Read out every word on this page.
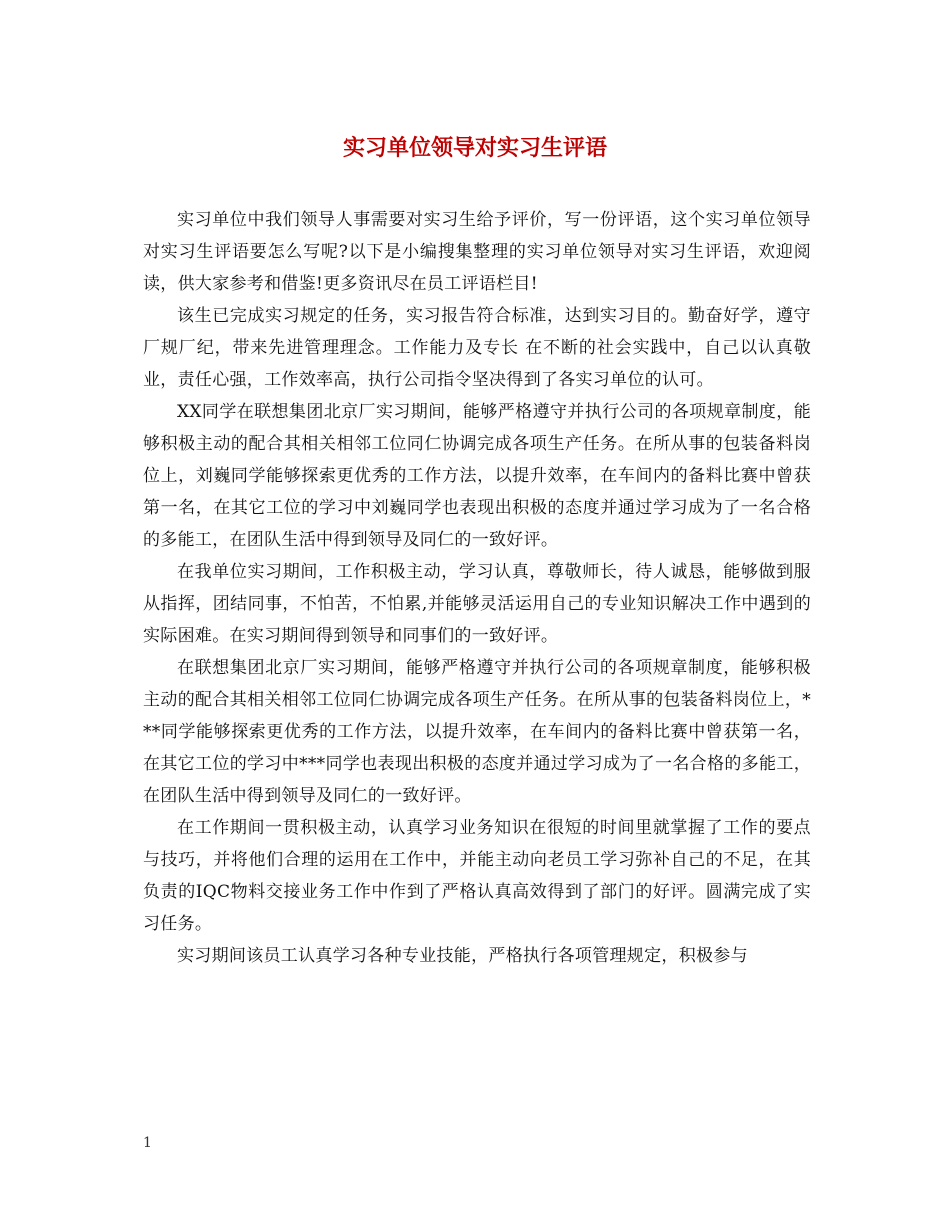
实习单位领导对实习生评语

实习单位中我们领导人事需要对实习生给予评价，写一份评语，这个实习单位领导对实习生评语要怎么写呢?以下是小编搜集整理的实习单位领导对实习生评语，欢迎阅读，供大家参考和借鉴!更多资讯尽在员工评语栏目!

该生已完成实习规定的任务，实习报告符合标准，达到实习目的。勤奋好学，遵守厂规厂纪，带来先进管理理念。工作能力及专长 在不断的社会实践中，自己以认真敬业，责任心强，工作效率高，执行公司指令坚决得到了各实习单位的认可。

XX同学在联想集团北京厂实习期间，能够严格遵守并执行公司的各项规章制度，能够积极主动的配合其相关相邻工位同仁协调完成各项生产任务。在所从事的包装备料岗位上，刘巍同学能够探索更优秀的工作方法，以提升效率，在车间内的备料比赛中曾获第一名，在其它工位的学习中刘巍同学也表现出积极的态度并通过学习成为了一名合格的多能工，在团队生活中得到领导及同仁的一致好评。

在我单位实习期间，工作积极主动，学习认真，尊敬师长，待人诚恳，能够做到服从指挥，团结同事，不怕苦，不怕累,并能够灵活运用自己的专业知识解决工作中遇到的实际困难。在实习期间得到领导和同事们的一致好评。

在联想集团北京厂实习期间，能够严格遵守并执行公司的各项规章制度，能够积极主动的配合其相关相邻工位同仁协调完成各项生产任务。在所从事的包装备料岗位上，***同学能够探索更优秀的工作方法，以提升效率，在车间内的备料比赛中曾获第一名，在其它工位的学习中***同学也表现出积极的态度并通过学习成为了一名合格的多能工，在团队生活中得到领导及同仁的一致好评。

在工作期间一贯积极主动，认真学习业务知识在很短的时间里就掌握了工作的要点与技巧，并将他们合理的运用在工作中，并能主动向老员工学习弥补自己的不足，在其负责的IQC物料交接业务工作中作到了严格认真高效得到了部门的好评。圆满完成了实习任务。

实习期间该员工认真学习各种专业技能，严格执行各项管理规定，积极参与

1
